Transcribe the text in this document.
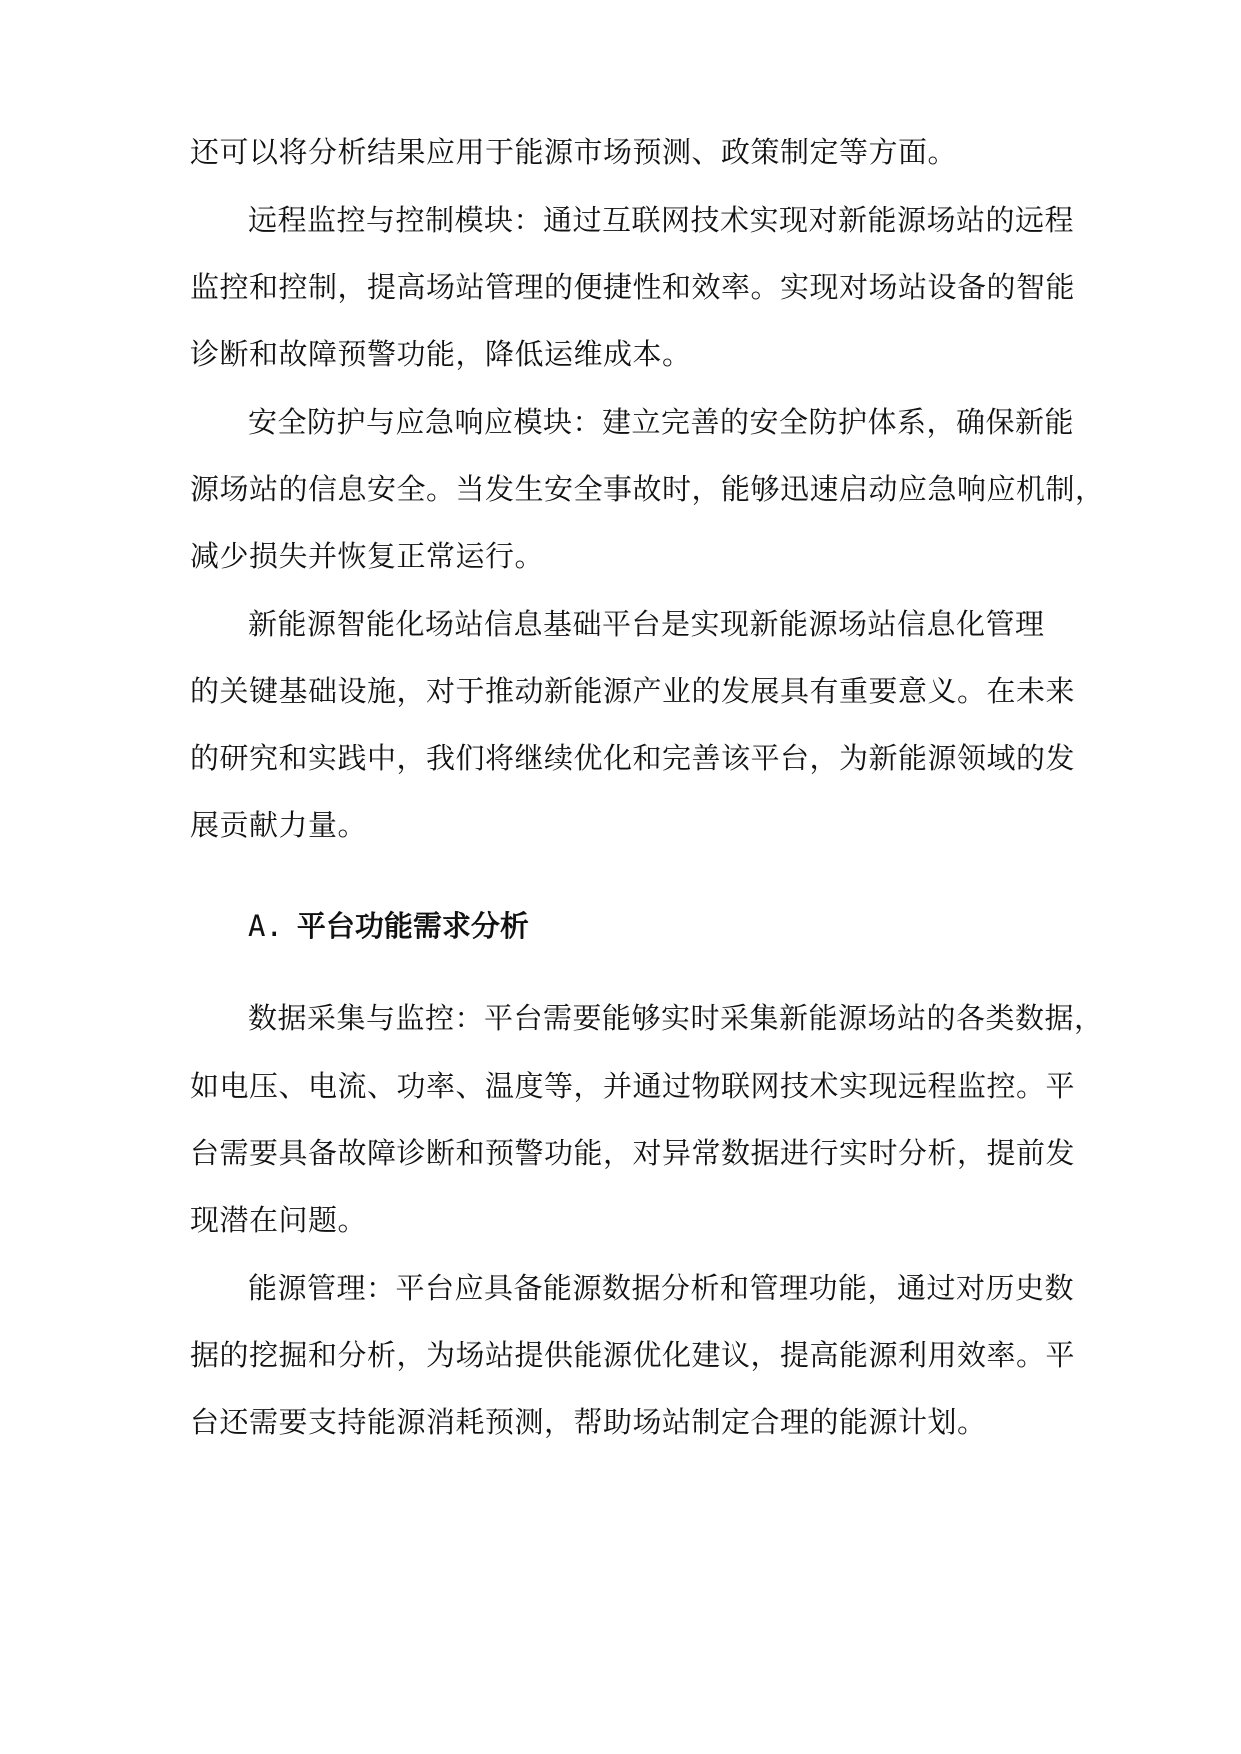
还可以将分析结果应用于能源市场预测、政策制定等方面。
远程监控与控制模块：通过互联网技术实现对新能源场站的远程
监控和控制，提高场站管理的便捷性和效率。实现对场站设备的智能
诊断和故障预警功能，降低运维成本。
安全防护与应急响应模块：建立完善的安全防护体系，确保新能
源场站的信息安全。当发生安全事故时，能够迅速启动应急响应机制，
减少损失并恢复正常运行。
新能源智能化场站信息基础平台是实现新能源场站信息化管理
的关键基础设施，对于推动新能源产业的发展具有重要意义。在未来
的研究和实践中，我们将继续优化和完善该平台，为新能源领域的发
展贡献力量。
A. 平台功能需求分析
数据采集与监控：平台需要能够实时采集新能源场站的各类数据，
如电压、电流、功率、温度等，并通过物联网技术实现远程监控。平
台需要具备故障诊断和预警功能，对异常数据进行实时分析，提前发
现潜在问题。
能源管理：平台应具备能源数据分析和管理功能，通过对历史数
据的挖掘和分析，为场站提供能源优化建议，提高能源利用效率。平
台还需要支持能源消耗预测，帮助场站制定合理的能源计划。
